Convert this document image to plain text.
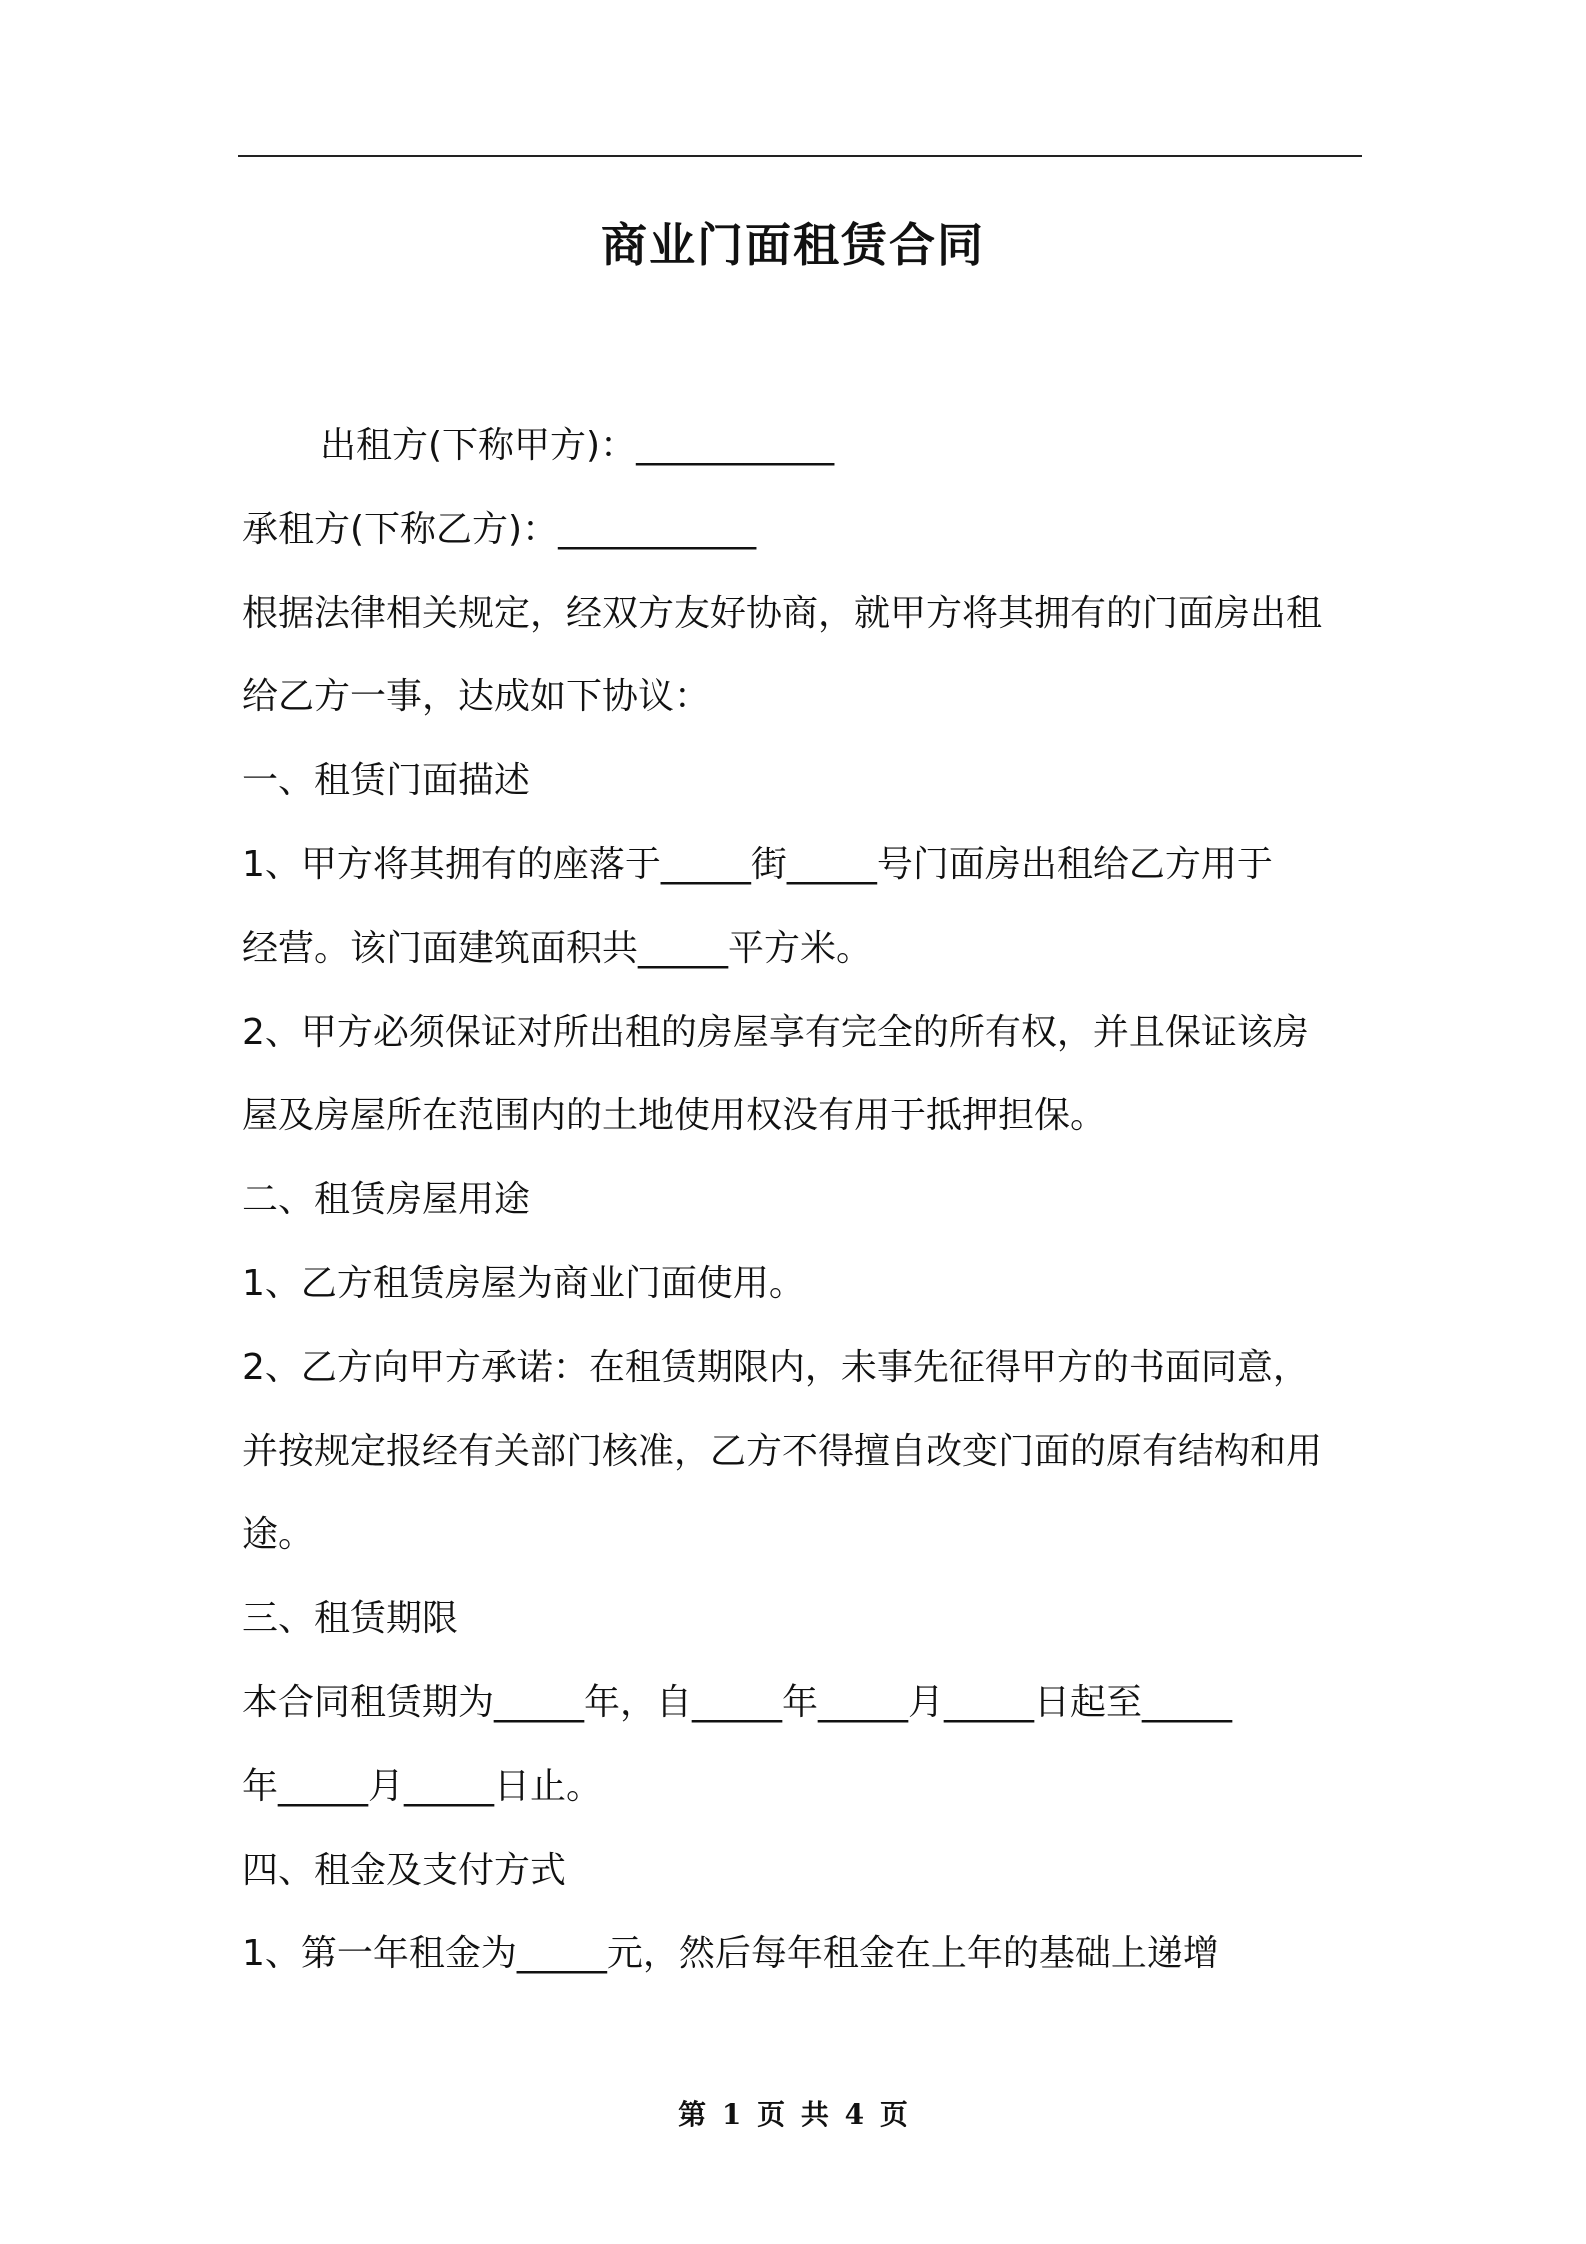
商业门面租赁合同
出租方(下称甲方)：___________
承租方(下称乙方)：___________
根据法律相关规定，经双方友好协商，就甲方将其拥有的门面房出租
给乙方一事，达成如下协议：
一、租赁门面描述
1、甲方将其拥有的座落于_____街_____号门面房出租给乙方用于
经营。该门面建筑面积共_____平方米。
2、甲方必须保证对所出租的房屋享有完全的所有权，并且保证该房
屋及房屋所在范围内的土地使用权没有用于抵押担保。
二、租赁房屋用途
1、乙方租赁房屋为商业门面使用。
2、乙方向甲方承诺：在租赁期限内，未事先征得甲方的书面同意，
并按规定报经有关部门核准，乙方不得擅自改变门面的原有结构和用
途。
三、租赁期限
本合同租赁期为_____年，自_____年_____月_____日起至_____
年_____月_____日止。
四、租金及支付方式
1、第一年租金为_____元，然后每年租金在上年的基础上递增
第 1 页 共 4 页
